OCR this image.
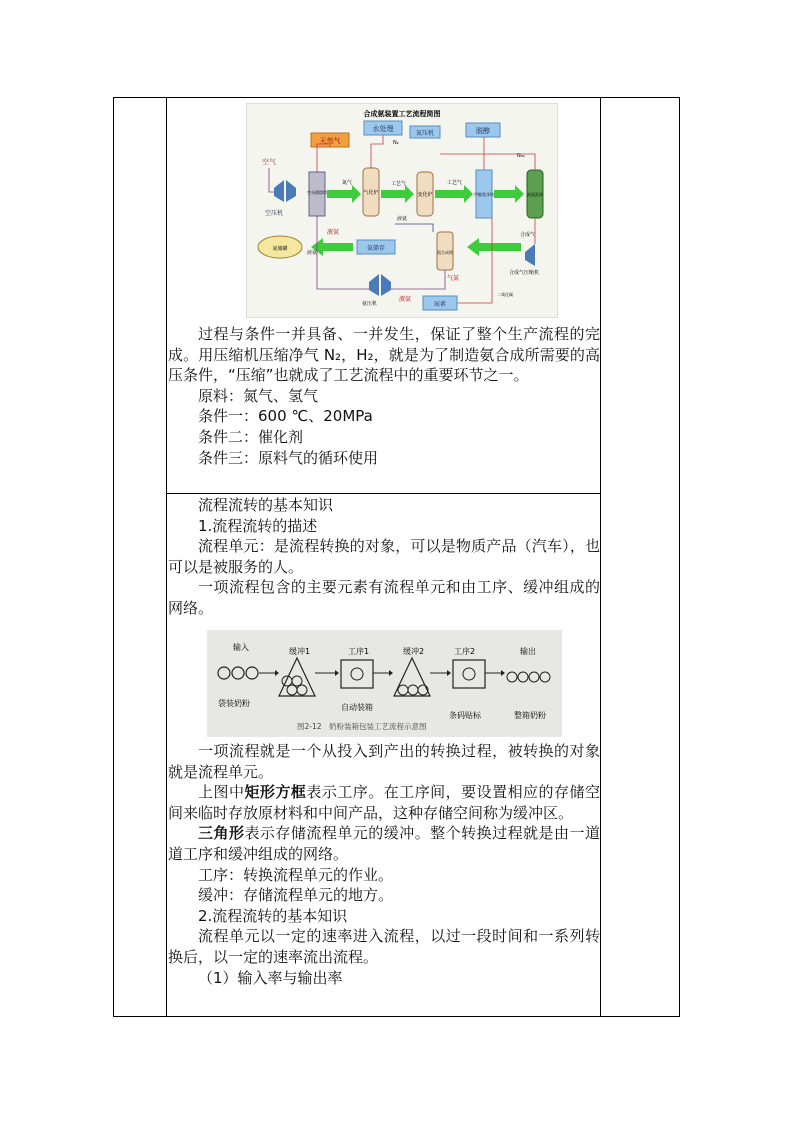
合成氨装置工艺流程简图
天然气
水处理
氮压机	脱醇
空气
空压机
空分精馏塔	气化炉	变化炉	甲醇洗净塔	液氮洗涤
氮气	工艺气	工艺气
N₂
N₈₀
合成气
合成气压缩机
氨储罐
液氨
氨储存
液氨
氨合成塔
气氨
氨压机
液氨
尿素
二氧化碳
液氨

过程与条件一并具备、一并发生，保证了整个生产流程的完成。用压缩机压缩净气 N₂，H₂，就是为了制造氨合成所需要的高压条件，“压缩”也就成了工艺流程中的重要环节之一。

原料：氮气、氢气

条件一：600 ℃、20MPa

条件二：催化剂

条件三：原料气的循环使用

流程流转的基本知识

1.流程流转的描述

流程单元：是流程转换的对象，可以是物质产品（汽车），也可以是被服务的人。

一项流程包含的主要元素有流程单元和由工序、缓冲组成的网络。

输入	缓冲1	工序1	缓冲2	工序2	输出
袋装奶粉	自动装箱
条码贴标	整箱奶粉
图2-12　奶粉装箱包装工艺流程示意图

一项流程就是一个从投入到产出的转换过程，被转换的对象就是流程单元。

上图中矩形方框表示工序。在工序间，要设置相应的存储空间来临时存放原材料和中间产品，这种存储空间称为缓冲区。

三角形表示存储流程单元的缓冲。整个转换过程就是由一道道工序和缓冲组成的网络。

工序：转换流程单元的作业。

缓冲：存储流程单元的地方。

2.流程流转的基本知识

流程单元以一定的速率进入流程，以过一段时间和一系列转换后，以一定的速率流出流程。

（1）输入率与输出率
